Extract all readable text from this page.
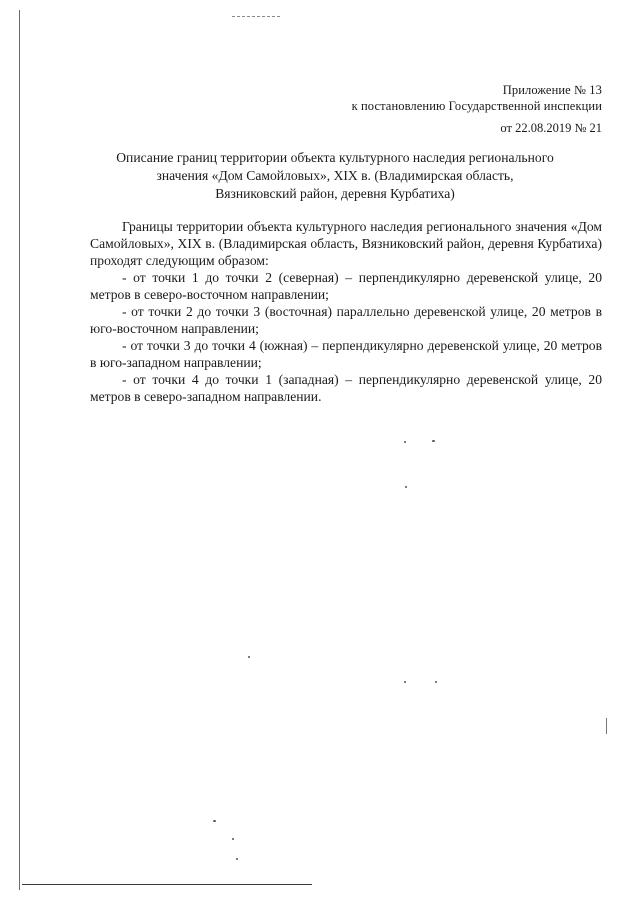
Приложение № 13
к постановлению Государственной инспекции
от 22.08.2019 № 21
Описание границ территории объекта культурного наследия регионального
значения «Дом Самойловых», XIX в. (Владимирская область,
Вязниковский район, деревня Курбатиха)

Границы территории объекта культурного наследия регионального значения «Дом Самойловых», XIX в. (Владимирская область, Вязниковский район, деревня Курбатиха) проходят следующим образом:

- от точки 1 до точки 2 (северная) – перпендикулярно деревенской улице, 20 метров в северо-восточном направлении;

- от точки 2 до точки 3 (восточная) параллельно деревенской улице, 20 метров в юго-восточном направлении;

- от точки 3 до точки 4 (южная) – перпендикулярно деревенской улице, 20 метров в юго-западном направлении;

- от точки 4 до точки 1 (западная) – перпендикулярно деревенской улице, 20 метров в северо-западном направлении.
